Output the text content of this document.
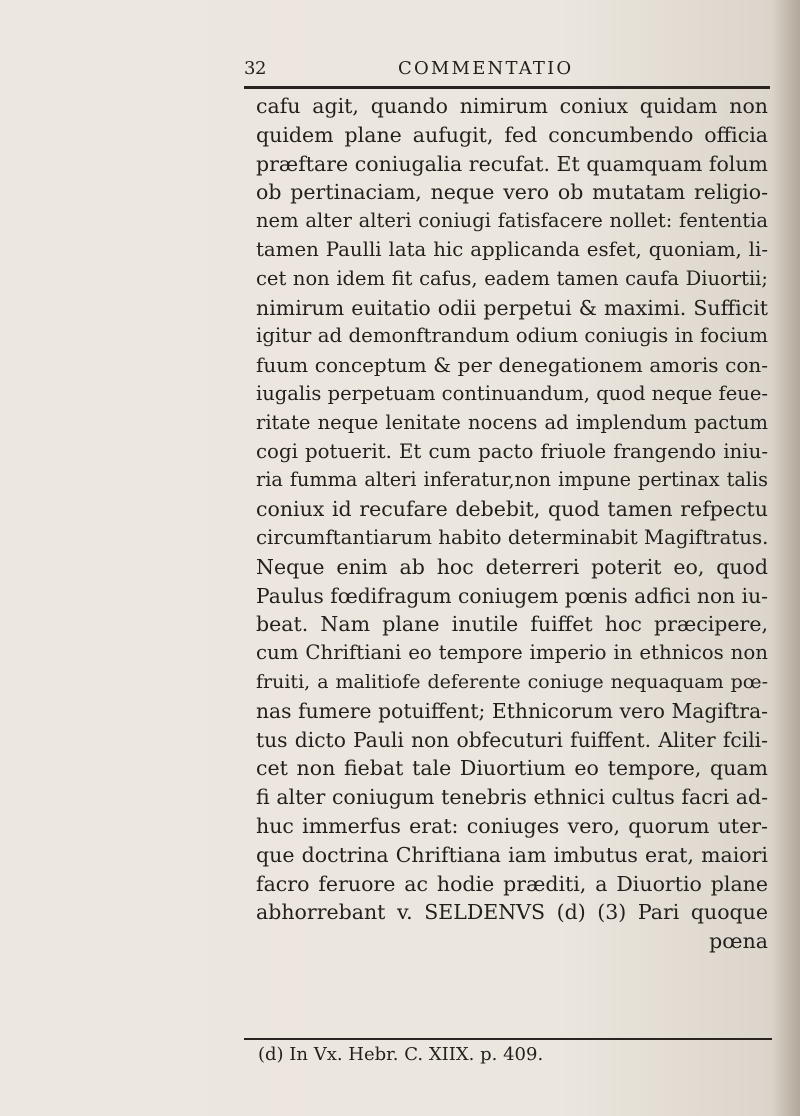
32	COMMENTATIO
cafu agit, quando nimirum coniux quidam non
quidem plane aufugit, fed concumbendo officia
præftare coniugalia recufat. Et quamquam folum
ob pertinaciam, neque vero ob mutatam religio-
nem alter alteri coniugi fatisfacere nollet: fententia
tamen Paulli lata hic applicanda esfet, quoniam, li-
cet non idem fit cafus, eadem tamen caufa Diuortii;
nimirum euitatio odii perpetui & maximi. Sufficit
igitur ad demonftrandum odium coniugis in focium
fuum conceptum & per denegationem amoris con-
iugalis perpetuam continuandum, quod neque feue-
ritate neque lenitate nocens ad implendum pactum
cogi potuerit. Et cum pacto friuole frangendo iniu-
ria fumma alteri inferatur,non impune pertinax talis
coniux id recufare debebit, quod tamen refpectu
circumftantiarum habito determinabit Magiftratus.
Neque enim ab hoc deterreri poterit eo, quod
Paulus fœdifragum coniugem pœnis adfici non iu-
beat. Nam plane inutile fuiffet hoc præcipere,
cum Chriftiani eo tempore imperio in ethnicos non
fruiti, a malitiofe deferente coniuge nequaquam pœ-
nas fumere potuiffent; Ethnicorum vero Magiftra-
tus dicto Pauli non obfecuturi fuiffent. Aliter fcili-
cet non fiebat tale Diuortium eo tempore, quam
fi alter coniugum tenebris ethnici cultus facri ad-
huc immerfus erat: coniuges vero, quorum uter-
que doctrina Chriftiana iam imbutus erat, maiori
facro feruore ac hodie præditi, a Diuortio plane
abhorrebant v. SELDENVS (d) (3) Pari quoque
pœna
(d) In Vx. Hebr. C. XIIX. p. 409.
